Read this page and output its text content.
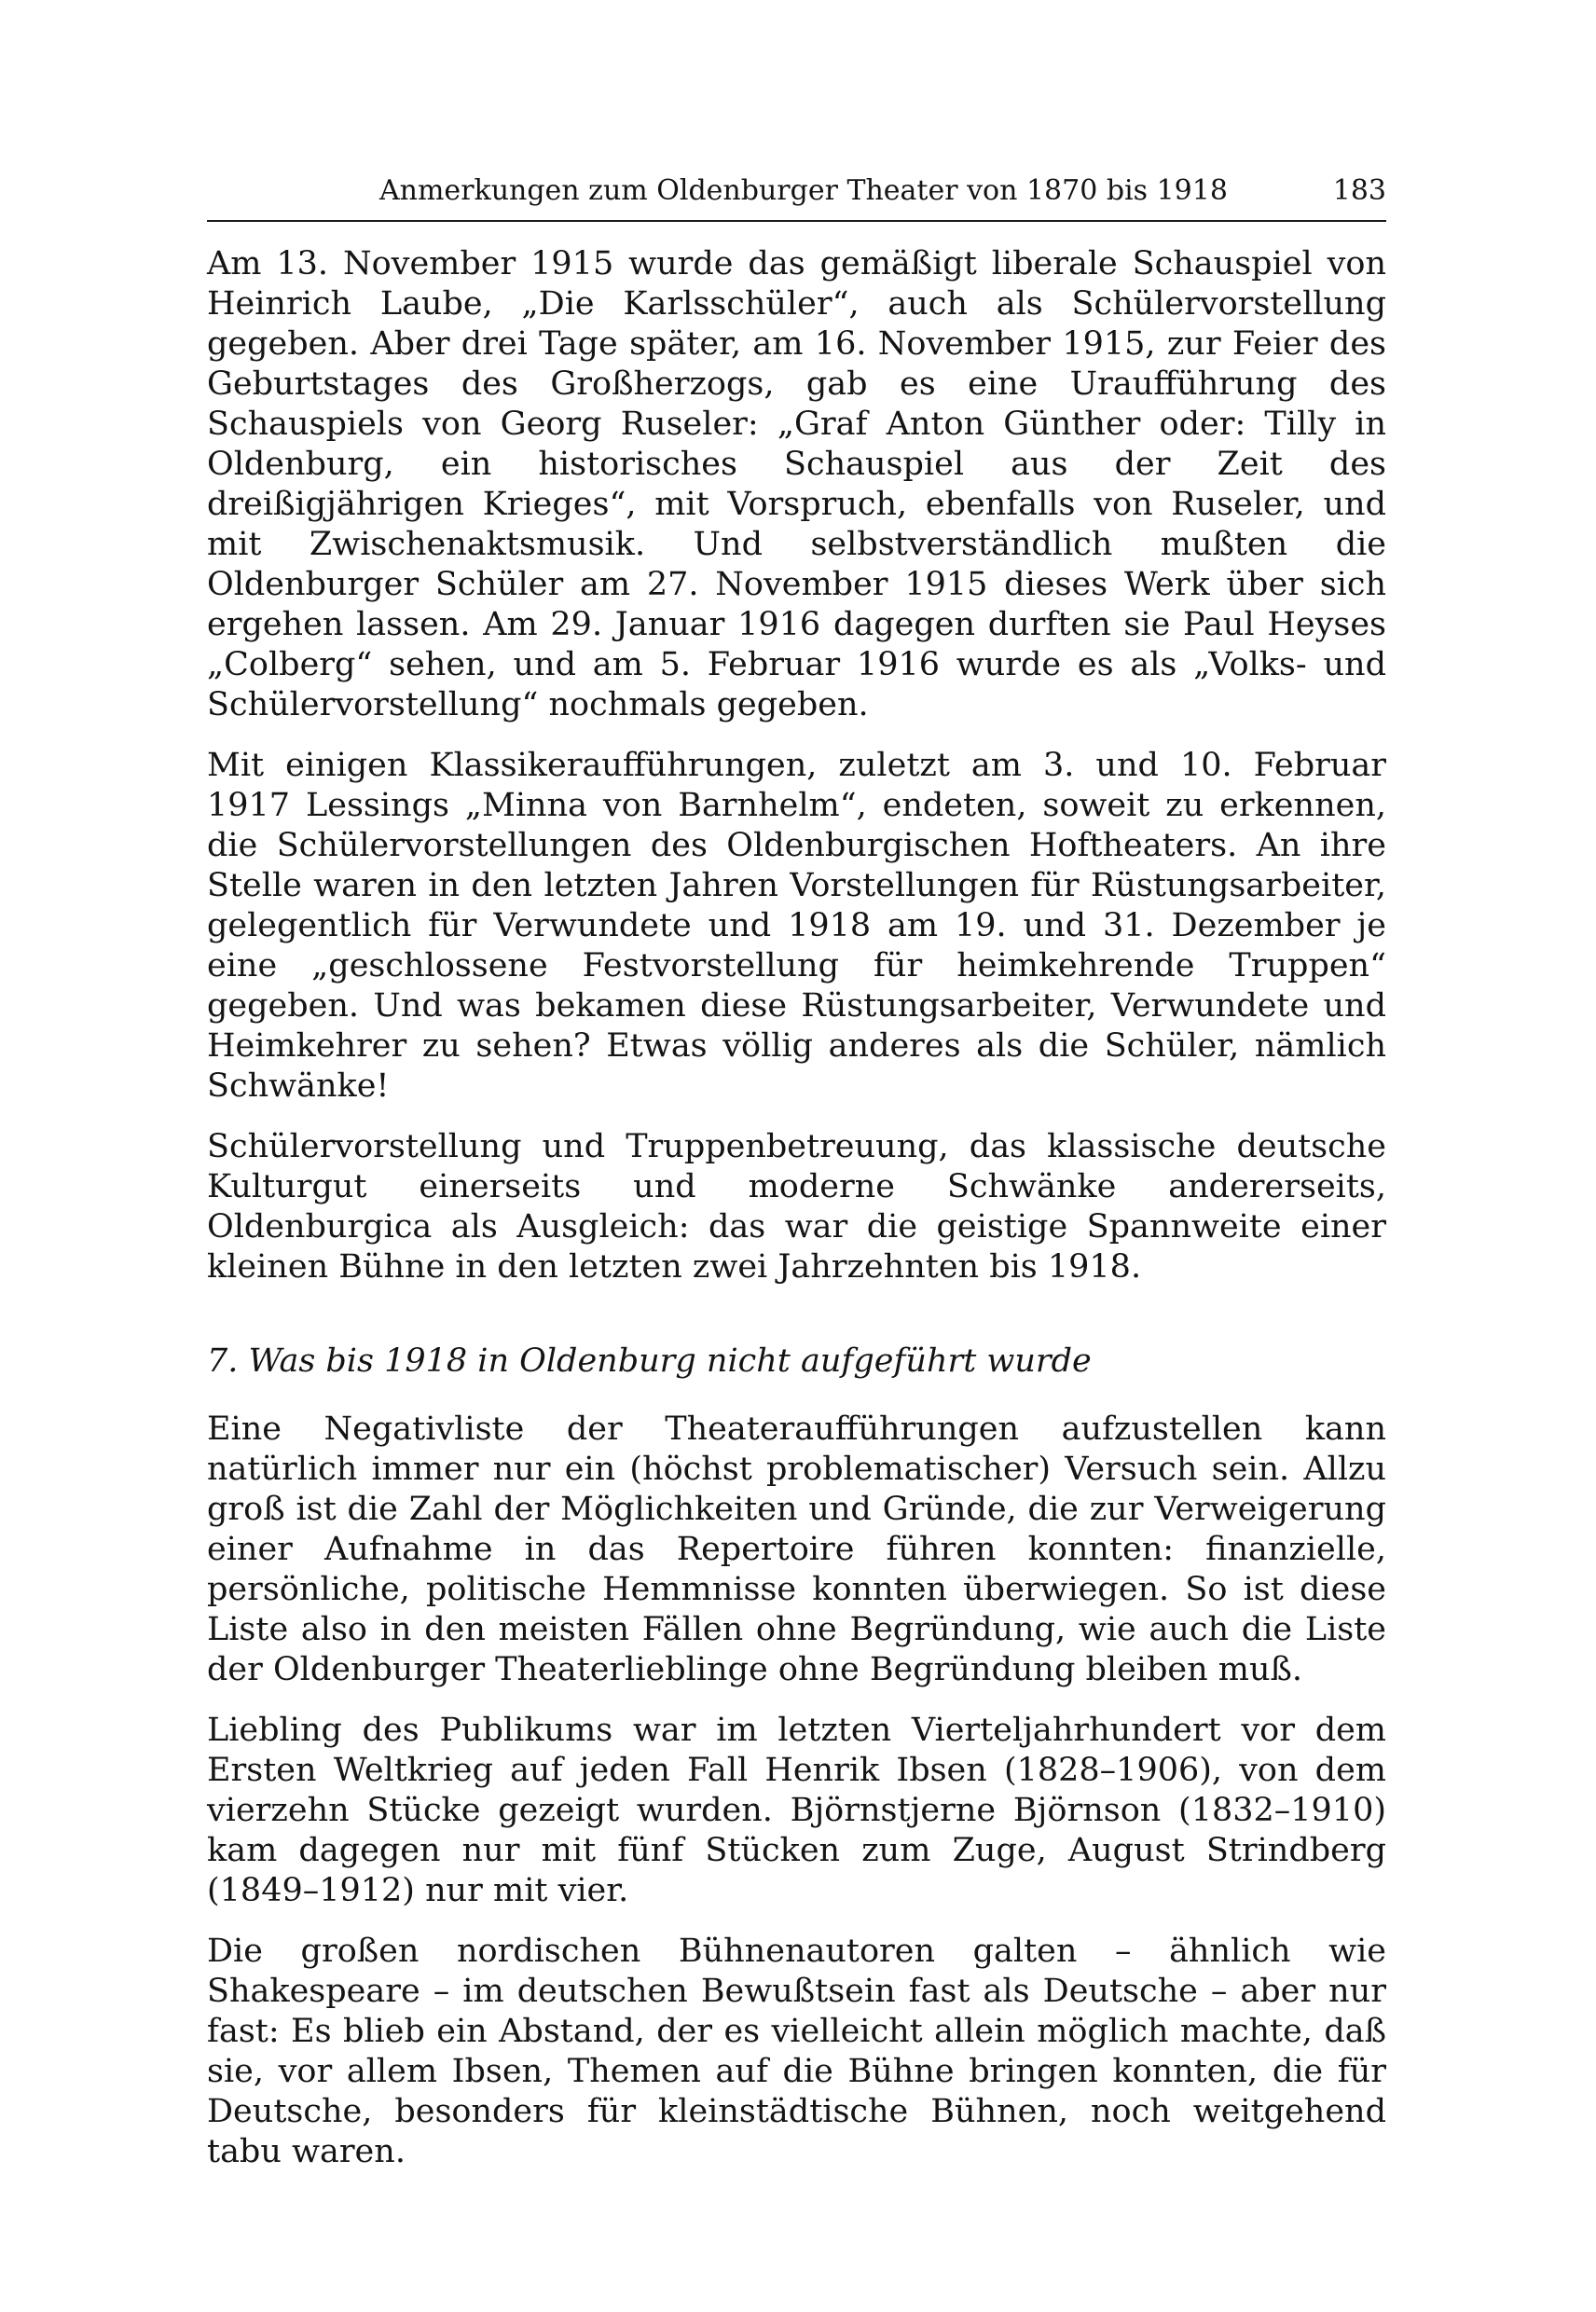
Anmerkungen zum Oldenburger Theater von 1870 bis 1918	183

Am 13. November 1915 wurde das gemäßigt liberale Schauspiel von Heinrich Laube, „Die Karlsschüler“, auch als Schülervorstellung gegeben. Aber drei Tage später, am 16. November 1915, zur Feier des Geburtstages des Großherzogs, gab es eine Uraufführung des Schauspiels von Georg Ruseler: „Graf Anton Günther oder: Tilly in Oldenburg, ein historisches Schauspiel aus der Zeit des dreißigjährigen Krieges“, mit Vorspruch, ebenfalls von Ruseler, und mit Zwischenaktsmusik. Und selbstverständlich mußten die Oldenburger Schüler am 27. November 1915 dieses Werk über sich ergehen lassen. Am 29. Januar 1916 dagegen durften sie Paul Heyses „Colberg“ sehen, und am 5. Februar 1916 wurde es als „Volks- und Schülervorstellung“ nochmals gegeben.

Mit einigen Klassikeraufführungen, zuletzt am 3. und 10. Februar 1917 Lessings „Minna von Barnhelm“, endeten, soweit zu erkennen, die Schülervorstellungen des Oldenburgischen Hoftheaters. An ihre Stelle waren in den letzten Jahren Vorstellungen für Rüstungsarbeiter, gelegentlich für Verwundete und 1918 am 19. und 31. Dezember je eine „geschlossene Festvorstellung für heimkehrende Truppen“ gegeben. Und was bekamen diese Rüstungsarbeiter, Verwundete und Heimkehrer zu sehen? Etwas völlig anderes als die Schüler, nämlich Schwänke!

Schülervorstellung und Truppenbetreuung, das klassische deutsche Kulturgut einerseits und moderne Schwänke andererseits, Oldenburgica als Ausgleich: das war die geistige Spannweite einer kleinen Bühne in den letzten zwei Jahrzehnten bis 1918.

7. Was bis 1918 in Oldenburg nicht aufgeführt wurde

Eine Negativliste der Theateraufführungen aufzustellen kann natürlich immer nur ein (höchst problematischer) Versuch sein. Allzu groß ist die Zahl der Möglichkeiten und Gründe, die zur Verweigerung einer Aufnahme in das Repertoire führen konnten: finanzielle, persönliche, politische Hemmnisse konnten überwiegen. So ist diese Liste also in den meisten Fällen ohne Begründung, wie auch die Liste der Oldenburger Theaterlieblinge ohne Begründung bleiben muß.

Liebling des Publikums war im letzten Vierteljahrhundert vor dem Ersten Weltkrieg auf jeden Fall Henrik Ibsen (1828–1906), von dem vierzehn Stücke gezeigt wurden. Björnstjerne Björnson (1832–1910) kam dagegen nur mit fünf Stücken zum Zuge, August Strindberg (1849–1912) nur mit vier.

Die großen nordischen Bühnenautoren galten – ähnlich wie Shakespeare – im deutschen Bewußtsein fast als Deutsche – aber nur fast: Es blieb ein Abstand, der es vielleicht allein möglich machte, daß sie, vor allem Ibsen, Themen auf die Bühne bringen konnten, die für Deutsche, besonders für kleinstädtische Bühnen, noch weitgehend tabu waren.
